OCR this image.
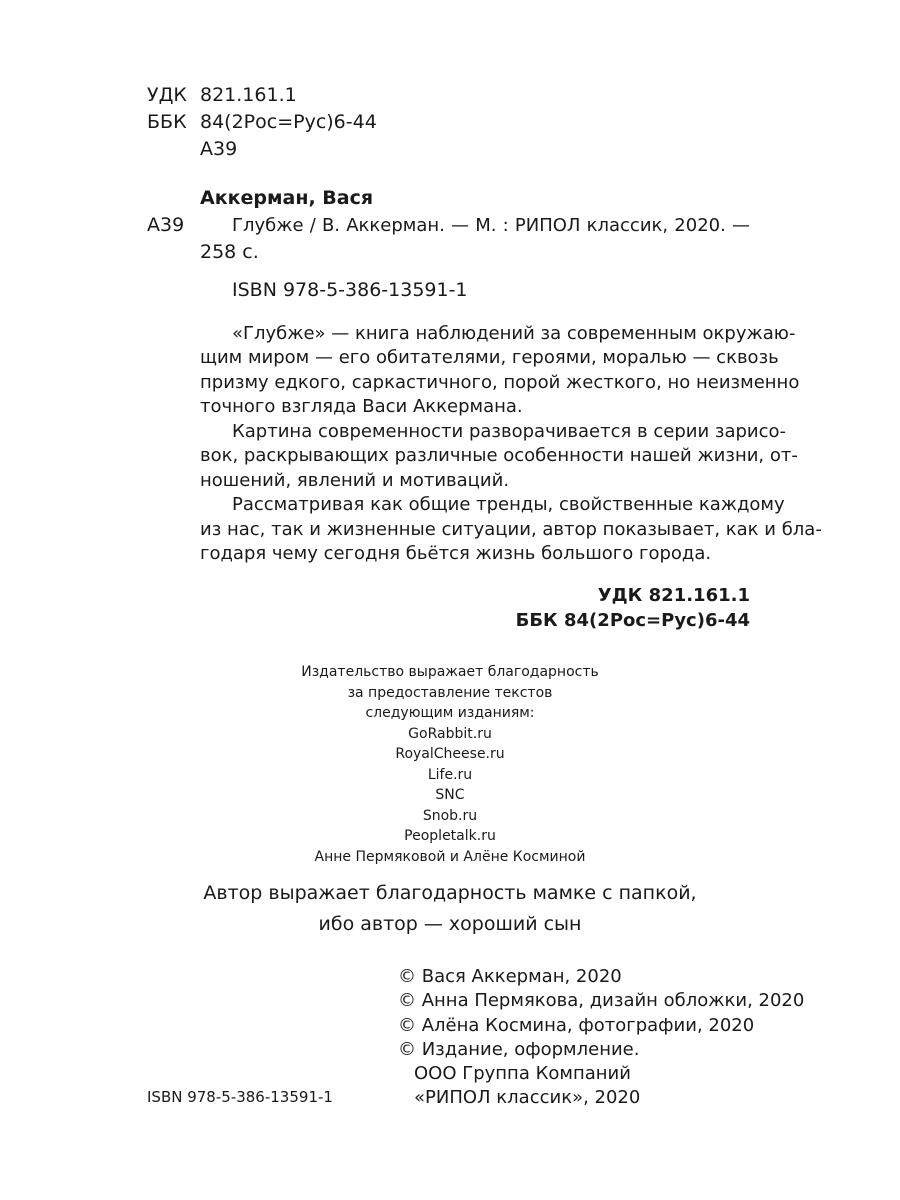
УДК 821.161.1
ББК 84(2Рос=Рус)6-44
А39
Аккерман, Вася
А39	Глубже / В. Аккерман. — М. : РИПОЛ классик, 2020. —
258 с.
ISBN 978-5-386-13591-1
«Глубже» — книга наблюдений за современным окружаю-
щим миром — его обитателями, героями, моралью — сквозь
призму едкого, саркастичного, порой жесткого, но неизменно
точного взгляда Васи Аккермана.
Картина современности разворачивается в серии зарисо-
вок, раскрывающих различные особенности нашей жизни, от-
ношений, явлений и мотиваций.
Рассматривая как общие тренды, свойственные каждому
из нас, так и жизненные ситуации, автор показывает, как и бла-
годаря чему сегодня бьётся жизнь большого города.
УДК 821.161.1
ББК 84(2Рос=Рус)6-44
Издательство выражает благодарность
за предоставление текстов
следующим изданиям:
GoRabbit.ru
RoyalCheese.ru
Life.ru
SNC
Snob.ru
Peopletalk.ru
Анне Пермяковой и Алёне Косминой
Автор выражает благодарность мамке с папкой,
ибо автор — хороший сын
© Вася Аккерман, 2020
© Анна Пермякова, дизайн обложки, 2020
© Алёна Космина, фотографии, 2020
© Издание, оформление.
ООО Группа Компаний
«РИПОЛ классик», 2020
ISBN 978-5-386-13591-1
